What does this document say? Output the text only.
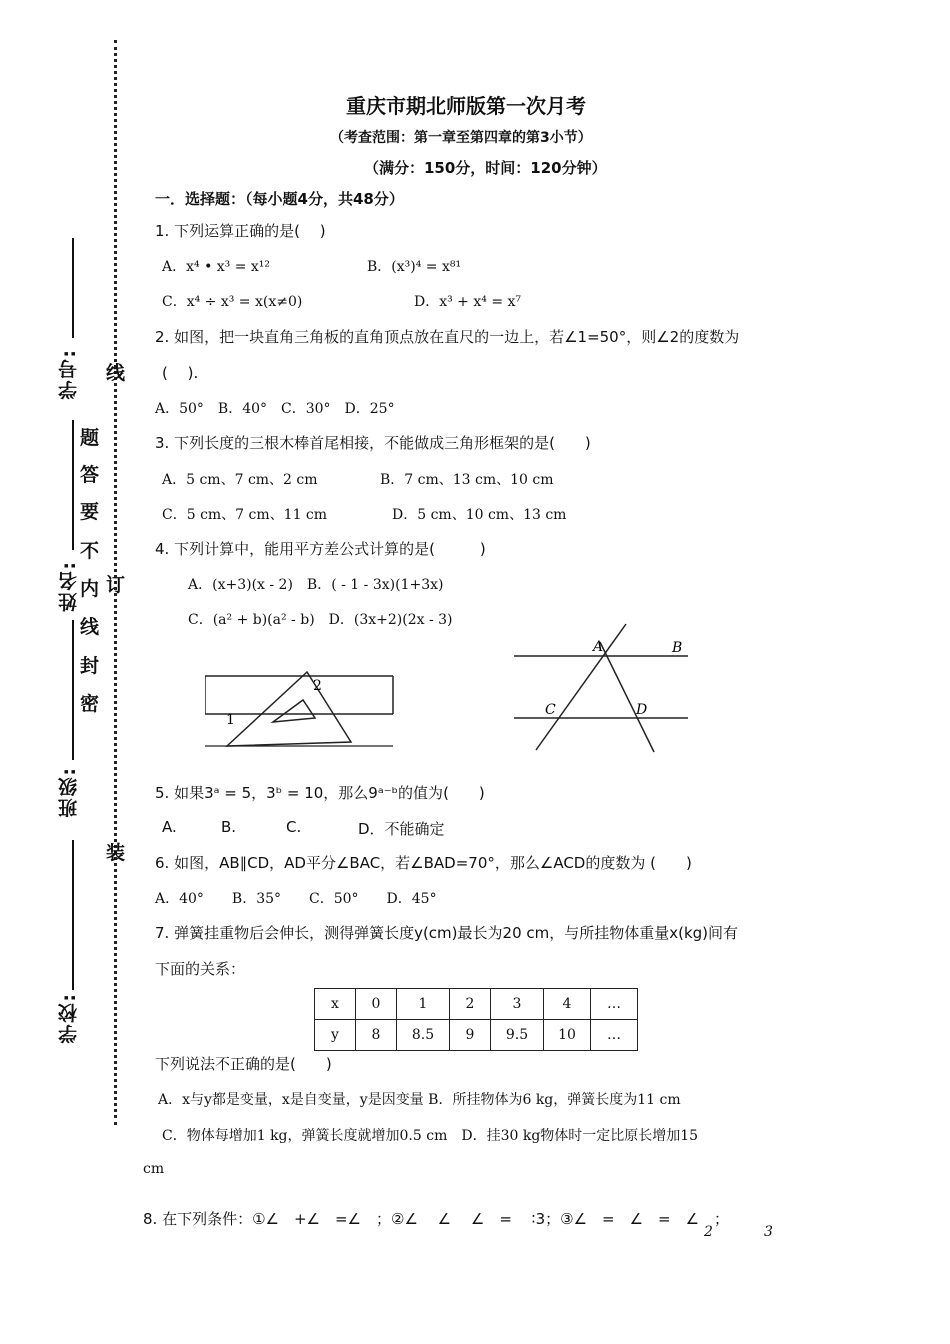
学校:
班级:
姓名:
学号: 线
题
答
要
不
内 订
线
封
密
装
重庆市期北师版第一次月考
（考查范围：第一章至第四章的第3小节）
（满分：150分，时间：120分钟）
一．选择题：（每小题4分，共48分）
1. 下列运算正确的是(　 )
A．x⁴ • x³ = x¹²	B．(x³)⁴ = x⁸¹
C．x⁴ ÷ x³ = x(x≠0)	D．x³ + x⁴ = x⁷
2. 如图，把一块直角三角板的直角顶点放在直尺的一边上，若∠1=50°，则∠2的度数为
(　 ).
A．50°　B．40°　C．30°　D．25°
3. 下列长度的三根木棒首尾相接，不能做成三角形框架的是(　　)
A．5 cm、7 cm、2 cm	B．7 cm、13 cm、10 cm
C．5 cm、7 cm、11 cm	D．5 cm、10 cm、13 cm
4. 下列计算中，能用平方差公式计算的是(　　　)
A．(x+3)(x - 2)　B．( - 1 - 3x)(1+3x)
C．(a² + b)(a² - b)　D．(3x+2)(2x - 3)
2
1
A	B
C	D
5. 如果3ᵃ = 5，3ᵇ = 10，那么9ᵃ⁻ᵇ的值为(　　)
A.	B.	C.	D．不能确定
6. 如图，AB∥CD，AD平分∠BAC，若∠BAD=70°，那么∠ACD的度数为 (　　)
A．40°　　B．35°　　C．50°　　D．45°
7. 弹簧挂重物后会伸长，测得弹簧长度y(cm)最长为20 cm，与所挂物体重量x(kg)间有
下面的关系：
x	0	1	2	3	4	…
y	8	8.5	9	9.5	10	…
下列说法不正确的是(　　)
A．x与y都是变量，x是自变量，y是因变量 B．所挂物体为6 kg，弹簧长度为11 cm
C．物体每增加1 kg，弹簧长度就增加0.5 cm　D．挂30 kg物体时一定比原长增加15
cm
8. 在下列条件：①∠　+∠　=∠　；②∠　 ∠　 ∠　=　 ∶3；③∠　=　∠　=　∠　；
2	3
